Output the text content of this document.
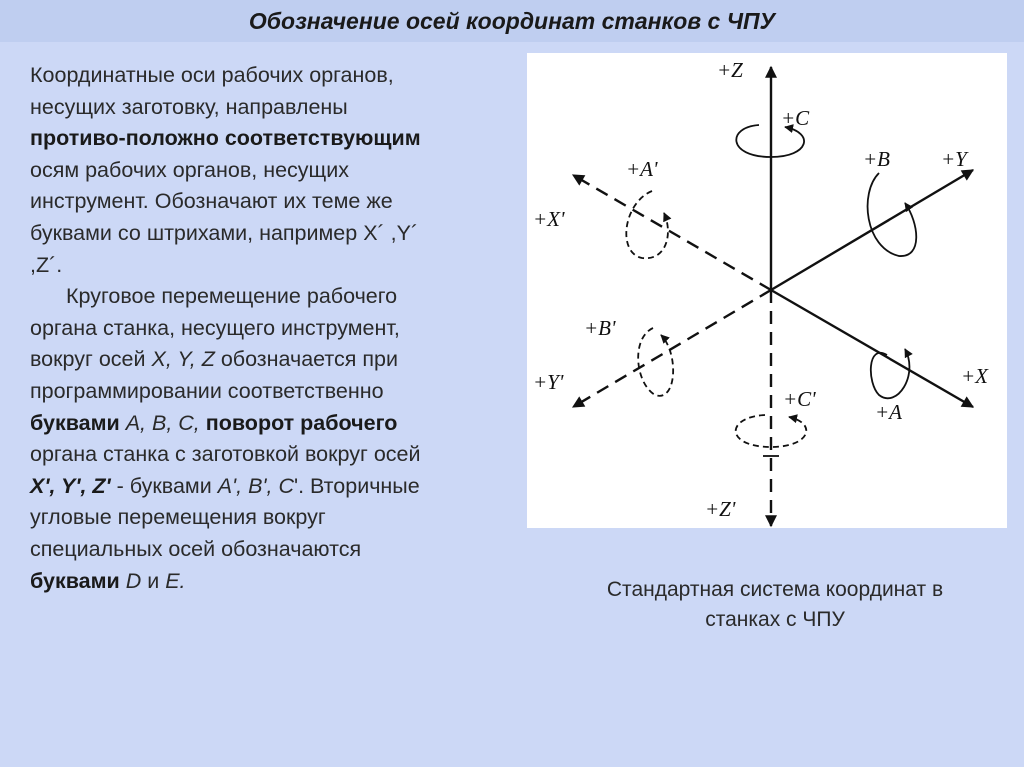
Обозначение осей координат станков с ЧПУ
Координатные оси рабочих органов,
несущих заготовку, направлены
противо-положно соответствующим
осям рабочих органов, несущих
инструмент. Обозначают их теме же
буквами со штрихами, например Х´ ,Y´
,Z´.
Круговое перемещение рабочего
органа станка, несущего инструмент,
вокруг осей X, Y, Z обозначается при
программировании соответственно
буквами A, B, C, поворот рабочего
органа станка с заготовкой вокруг осей
X', Y', Z' - буквами A', B', C'. Вторичные
угловые перемещения вокруг
специальных осей обозначаются
буквами D и E.
+Z
+C
+B +Y
+A'
+X'
+B'
+Y'
+C'
+X
+A
+Z'
Стандартная система координат в
станках с ЧПУ
